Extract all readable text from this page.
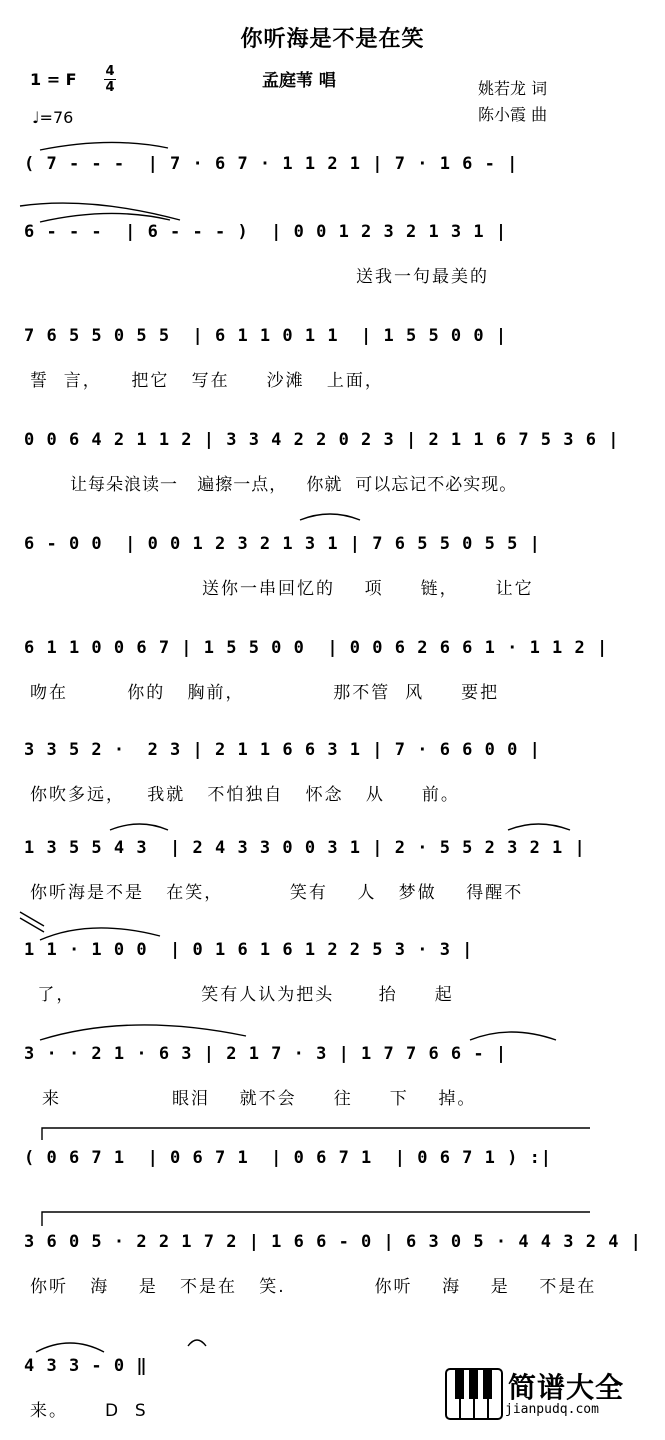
你听海是不是在笑
1 = F 4
4
♩=76
孟庭苇 唱	姚若龙 词
陈小霞 曲
( 7 - - -  | 7 · 6 7 · 1 1 2 1 | 7 · 1 6 - |
6 - - -  | 6 - - - )  | 0 0 1 2 3 2 1 3 1 |
送我一句最美的
7 6 5 5 0 5 5  | 6 1 1 0 1 1  | 1 5 5 0 0 |
誓  言，    把它   写在     沙滩   上面，
0 0 6 4 2 1 1 2 | 3 3 4 2 2 0 2 3 | 2 1 1 6 7 5 3 6 |
让每朵浪读一   遍擦一点，   你就  可以忘记不必实现。
6 - 0 0  | 0 0 1 2 3 2 1 3 1 | 7 6 5 5 0 5 5 |
送你一串回忆的    项     链，     让它
6 1 1 0 0 6 7 | 1 5 5 0 0  | 0 0 6 2 6 6 1 · 1 1 2 |
吻在        你的   胸前，            那不管  风     要把
3 3 5 2 ·  2 3 | 2 1 1 6 6 3 1 | 7 · 6 6 0 0 |
你吹多远，   我就   不怕独自   怀念   从     前。
1 3 5 5 4 3  | 2 4 3 3 0 0 3 1 | 2 · 5 5 2 3 2 1 |
你听海是不是   在笑，         笑有    人   梦做    得醒不
1 1 · 1 0 0  | 0 1 6 1 6 1 2 2 5 3 · 3 |
了，                 笑有人认为把头      抬     起
3 · · 2 1 · 6 3 | 2 1 7 · 3 | 1 7 7 6 6 - |
来               眼泪    就不会     往     下    掉。
( 0 6 7 1  | 0 6 7 1  | 0 6 7 1  | 0 6 7 1 ) :|
3 6 0 5 · 2 2 1 7 2 | 1 6 6 - 0 | 6 3 0 5 · 4 4 3 2 4 |
你听   海    是   不是在   笑.            你听    海    是    不是在
4 3 3 - 0 ‖
来。     D  S
简谱大全
jianpudq.com
